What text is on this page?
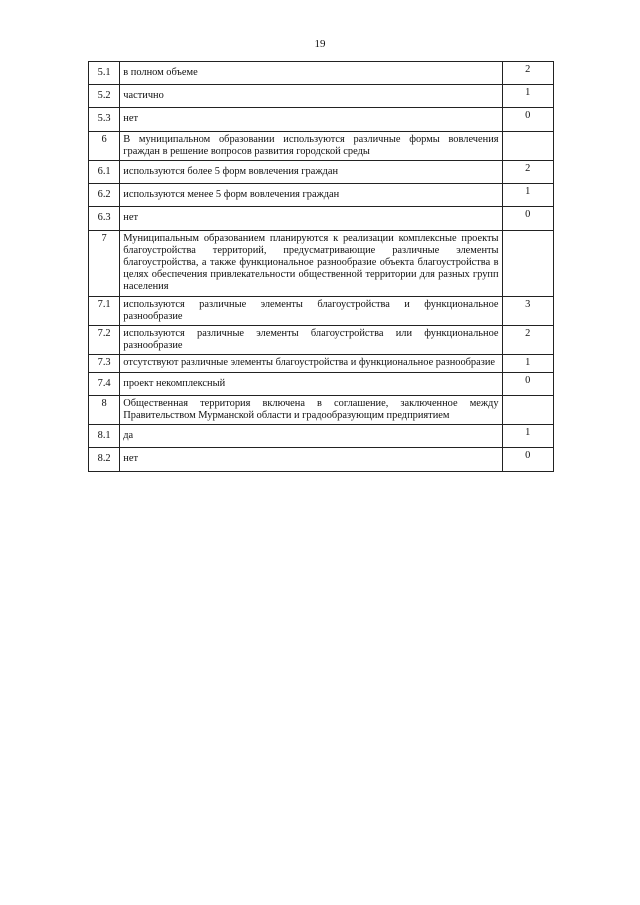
19
5.1	в полном объеме	2
5.2	частично	1
5.3	нет	0
6	В муниципальном образовании используются различные формы вовлечения граждан в решение вопросов развития городской среды	
6.1	используются более 5 форм вовлечения граждан	2
6.2	используются менее 5 форм вовлечения граждан	1
6.3	нет	0
7	Муниципальным образованием планируются к реализации комплексные проекты благоустройства территорий, предусматривающие различные элементы благоустройства, а также функциональное разнообразие объекта благоустройства в целях обеспечения привлекательности общественной территории для разных групп населения	
7.1	используются различные элементы благоустройства и функциональное разнообразие	3
7.2	используются различные элементы благоустройства или функциональное разнообразие	2
7.3	отсутствуют различные элементы благоустройства и функциональное разнообразие	1
7.4	проект некомплексный	0
8	Общественная территория включена в соглашение, заключенное между Правительством Мурманской области и градообразующим предприятием	
8.1	да	1
8.2	нет	0
